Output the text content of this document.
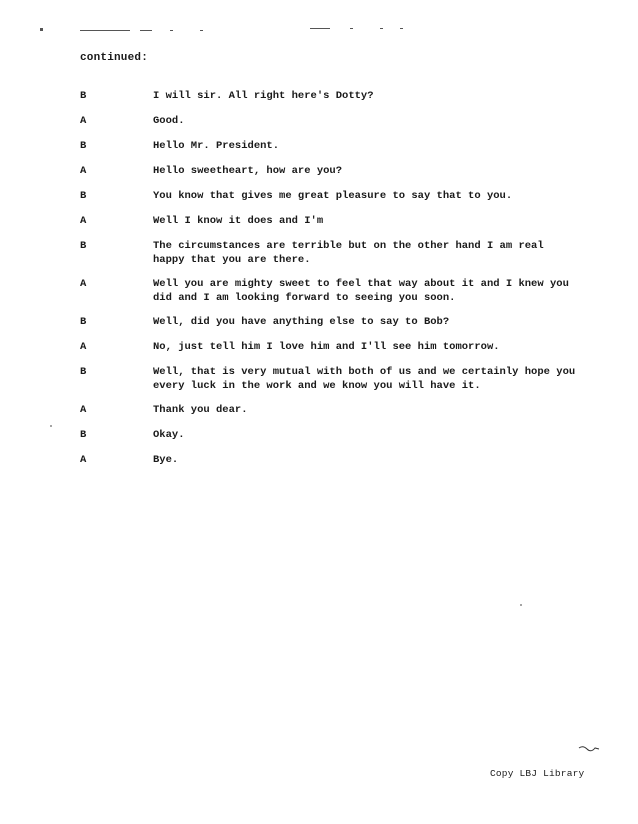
continued:
B	I will sir. All right here's Dotty?
A	Good.
B	Hello Mr. President.
A	Hello sweetheart, how are you?
B	You know that gives me great pleasure to say that to you.
A	Well I know it does and I'm
B	The circumstances are terrible but on the other hand I am real happy that you are there.
A	Well you are mighty sweet to feel that way about it and I knew you did and I am looking forward to seeing you soon.
B	Well, did you have anything else to say to Bob?
A	No, just tell him I love him and I'll see him tomorrow.
B	Well, that is very mutual with both of us and we certainly hope you every luck in the work and we know you will have it.
A	Thank you dear.
B	Okay.
A	Bye.
Copy LBJ Library
